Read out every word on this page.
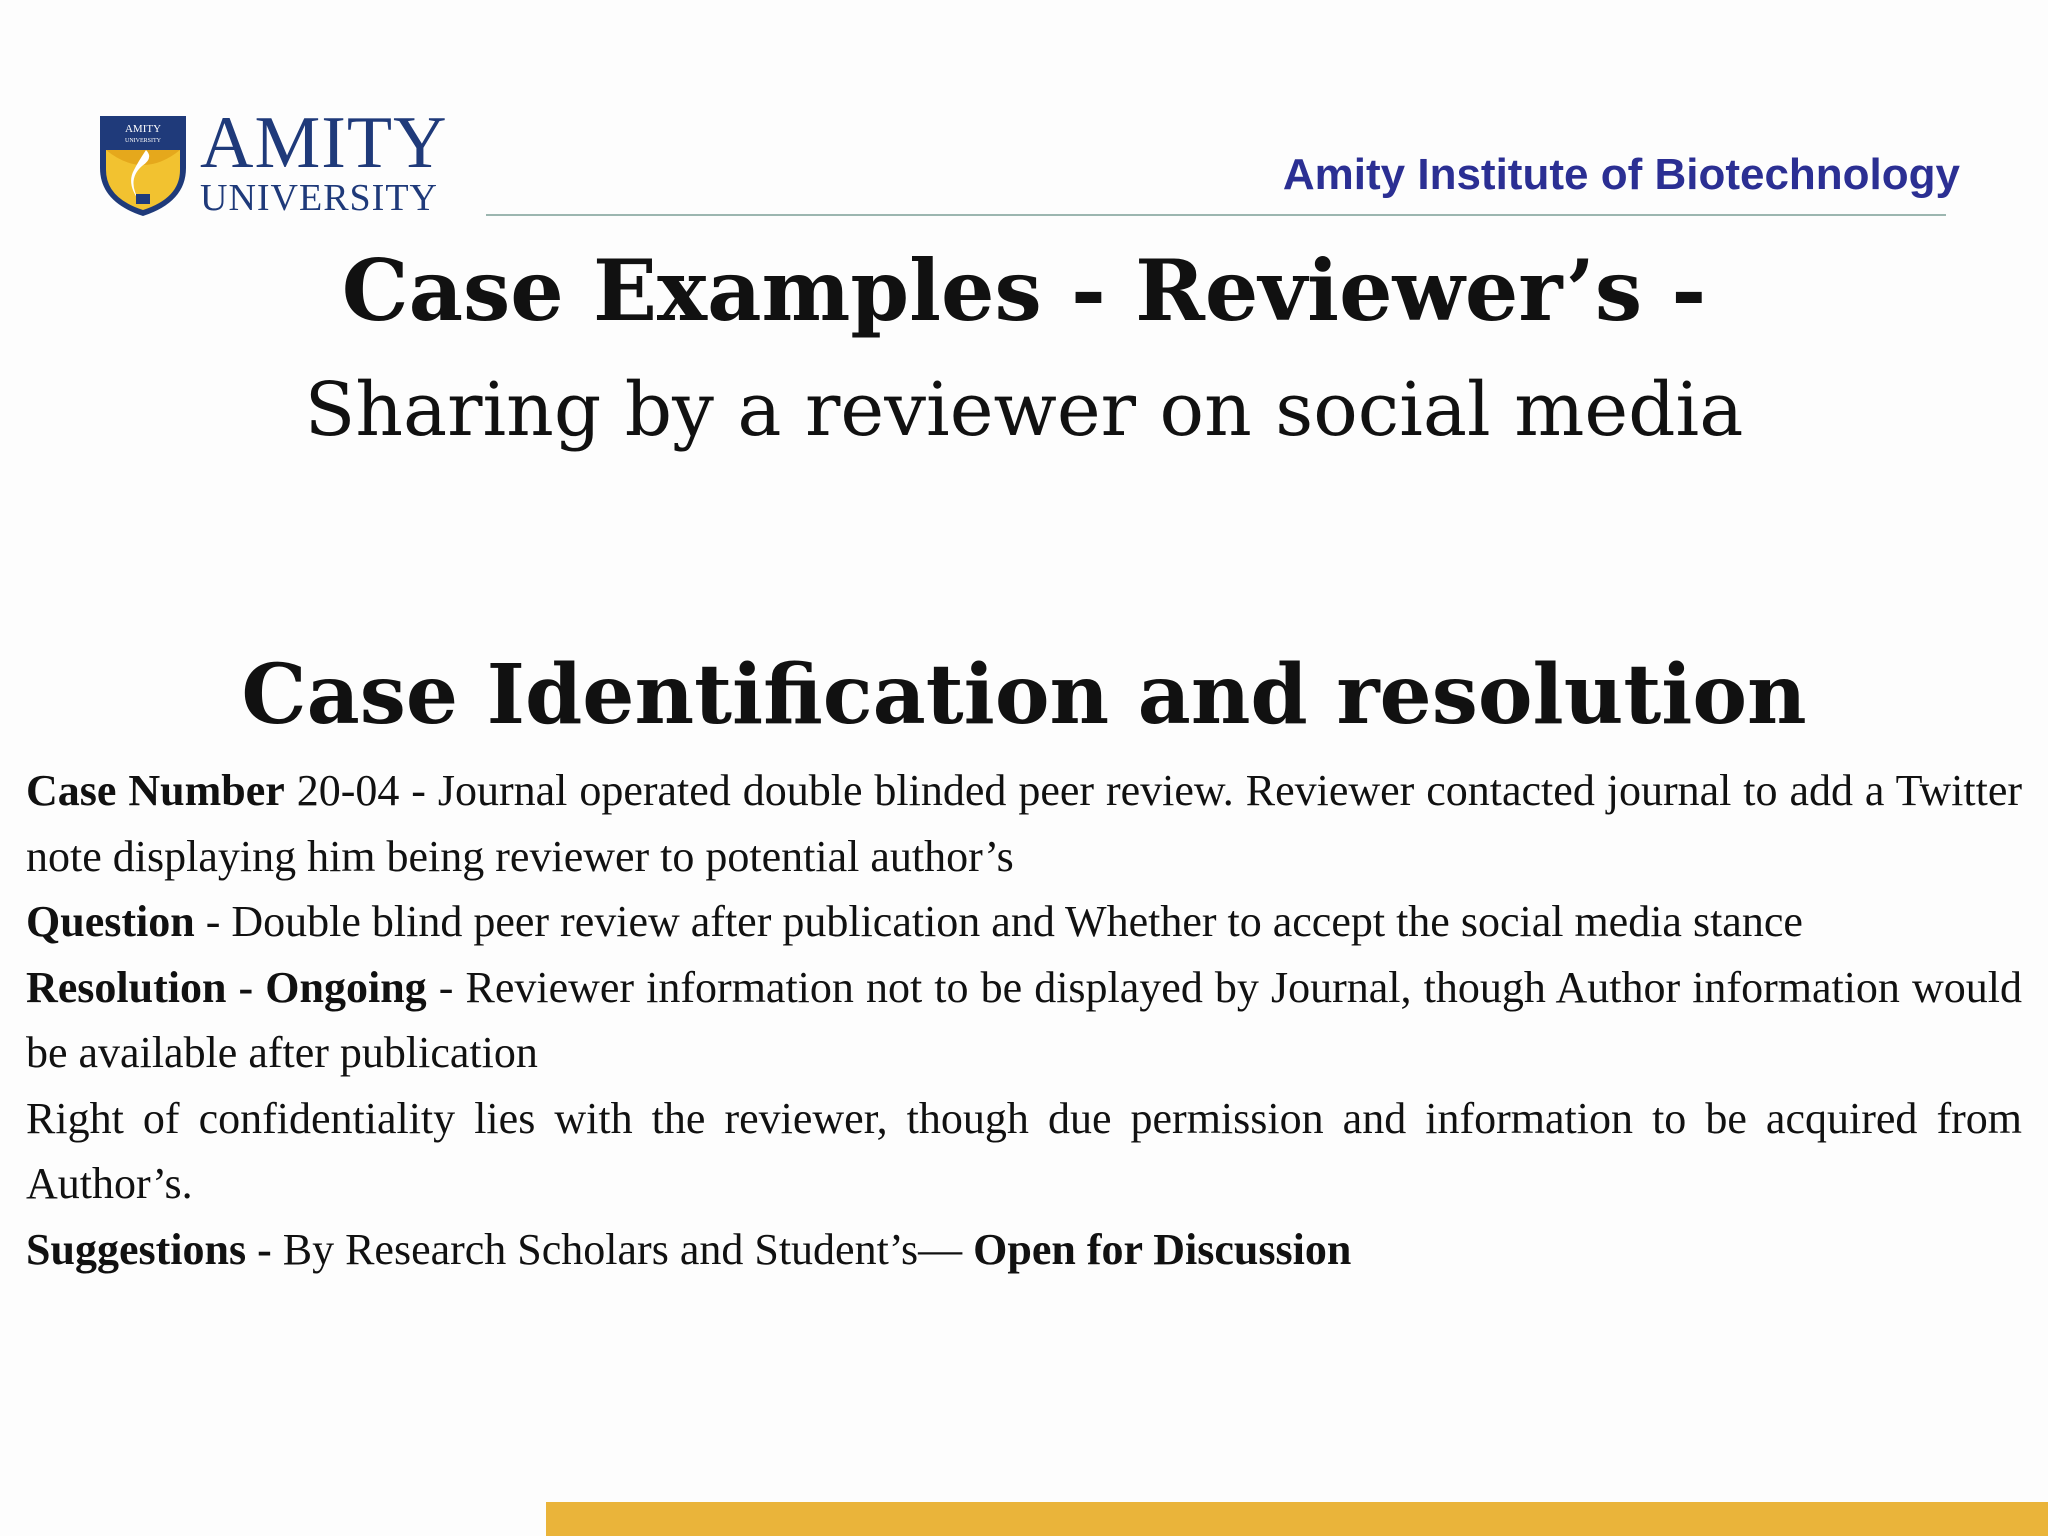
AMITY
UNIVERSITY AMITY
UNIVERSITY	Amity Institute of Biotechnology
Case Examples - Reviewer’s -
Sharing by a reviewer on social media
Case Identification and resolution

Case Number 20-04 - Journal operated double blinded peer review. Reviewer contacted journal to add a Twitter note displaying him being reviewer to potential author’s

Question - Double blind peer review after publication and Whether to accept the social media stance

Resolution - Ongoing - Reviewer information not to be displayed by Journal, though Author information would be available after publication

Right of confidentiality lies with the reviewer, though due permission and information to be acquired from Author’s.

Suggestions - By Research Scholars and Student’s— Open for Discussion
